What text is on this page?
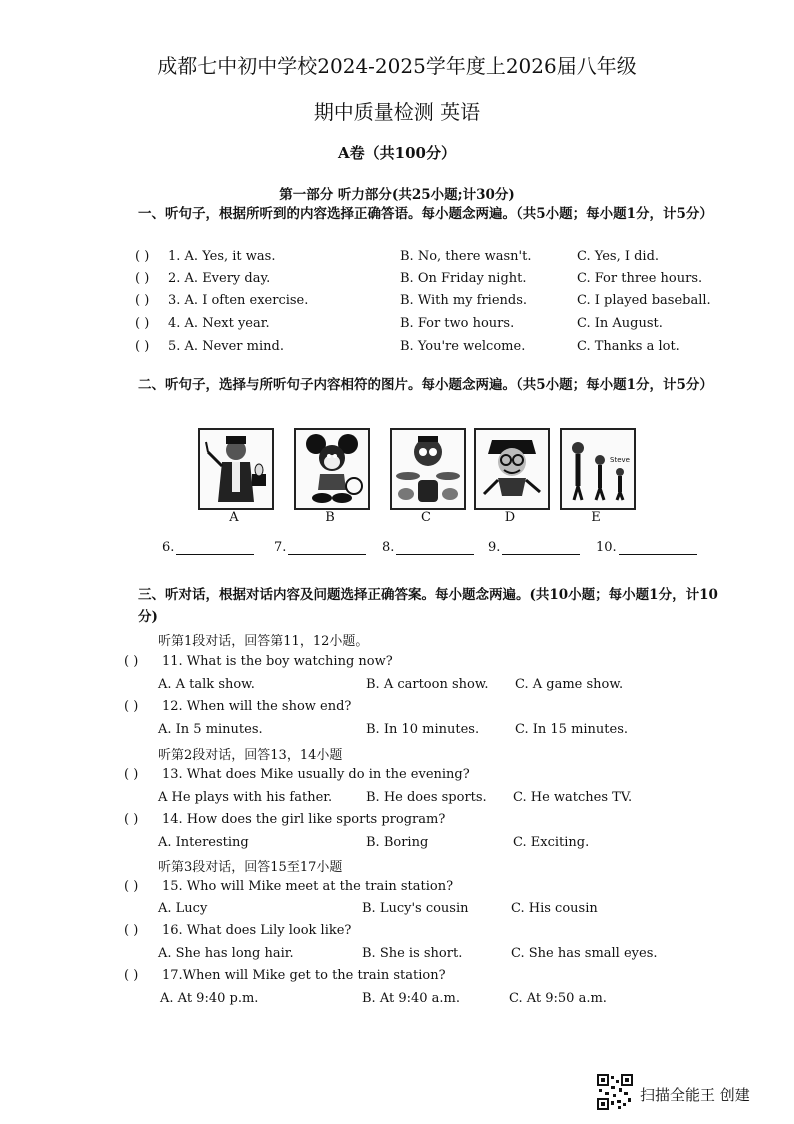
成都七中初中学校2024-2025学年度上2026届八年级
期中质量检测 英语
A卷（共100分）
第一部分 听力部分(共25小题;计30分)
一、听句子，根据所听到的内容选择正确答语。每小题念两遍。（共5小题；每小题1分，计5分）
( ) 1. A. Yes, it was.	B. No, there wasn't.	C. Yes, I did.
( ) 2. A. Every day.	B. On Friday night.	C. For three hours.
( ) 3. A. I often exercise.	B. With my friends.	C. I played baseball.
( ) 4. A. Next year.	B. For two hours.	C. In August.
( ) 5. A. Never mind.	B. You're welcome.	C. Thanks a lot.
二、听句子，选择与所听句子内容相符的图片。每小题念两遍。（共5小题；每小题1分，计5分）
A	B	C	D
Steve
E
6.	7.	8.	9.	10.
三、听对话，根据对话内容及问题选择正确答案。每小题念两遍。(共10小题；每小题1分，计10分)
听第1段对话，回答第11，12小题。
( ) 11. What is the boy watching now?
A. A talk show.	B. A cartoon show. C. A game show.
( ) 12. When will the show end?
A. In 5 minutes.	B. In 10 minutes.	C. In 15 minutes.
听第2段对话，回答13，14小题
( ) 13. What does Mike usually do in the evening?
A He plays with his father.	B. He does sports. C. He watches TV.
( ) 14. How does the girl like sports program?
A. Interesting	B. Boring	C. Exciting.
听第3段对话，回答15至17小题
( ) 15. Who will Mike meet at the train station?
A. Lucy	B. Lucy's cousin	C. His cousin
( ) 16. What does Lily look like?
A. She has long hair.	B. She is short.	C. She has small eyes.
( ) 17.When will Mike get to the train station?
A. At 9:40 p.m.	B. At 9:40 a.m.	C. At 9:50 a.m.
扫描全能王 创建
